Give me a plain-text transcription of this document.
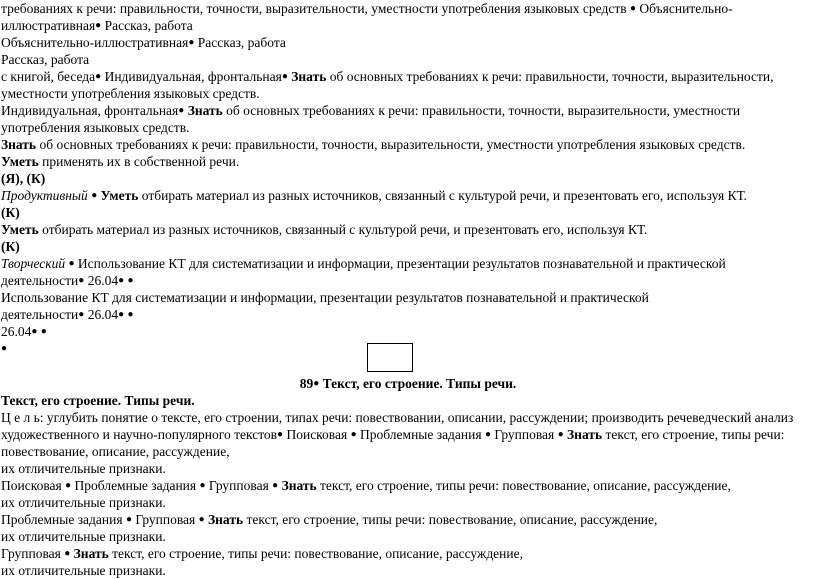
требованиях к речи: правильности, точности, выразительности, уместности употребления языковых средств ● Объяснительно-
иллюстративная● Рассказ, работа
Объяснительно-иллюстративная● Рассказ, работа
Рассказ, работа
с книгой, беседа● Индивидуальная, фронтальная● Знать об основных требованиях к речи: правильности, точности, выразительности,
уместности употребления языковых средств.
Индивидуальная, фронтальная● Знать об основных требованиях к речи: правильности, точности, выразительности, уместности
употребления языковых средств.
Знать об основных требованиях к речи: правильности, точности, выразительности, уместности употребления языковых средств.
Уметь применять их в собственной речи.
(Я), (К)
Продуктивный ● Уметь отбирать материал из разных источников, связанный с культурой речи, и презентовать его, используя КТ.
(К)
Уметь отбирать материал из разных источников, связанный с культурой речи, и презентовать его, используя КТ.
(К)
Творческий ● Использование КТ для систематизации и информации, презентации результатов познавательной и практической
деятельности● 26.04● ●
Использование КТ для систематизации и информации, презентации результатов познавательной и практической
деятельности● 26.04● ●
26.04● ●
●
89● Текст, его строение. Типы речи.
Текст, его строение. Типы речи.
Ц е л ь: углубить понятие о тексте, его строении, типах речи: повествовании, описании, рассуждении; производить речеведческий анализ
художественного и научно-популярного текстов● Поисковая ● Проблемные задания ● Групповая ● Знать текст, его строение, типы речи:
повествование, описание, рассуждение,
их отличительные признаки.
Поисковая ● Проблемные задания ● Групповая ● Знать текст, его строение, типы речи: повествование, описание, рассуждение,
их отличительные признаки.
Проблемные задания ● Групповая ● Знать текст, его строение, типы речи: повествование, описание, рассуждение,
их отличительные признаки.
Групповая ● Знать текст, его строение, типы речи: повествование, описание, рассуждение,
их отличительные признаки.
